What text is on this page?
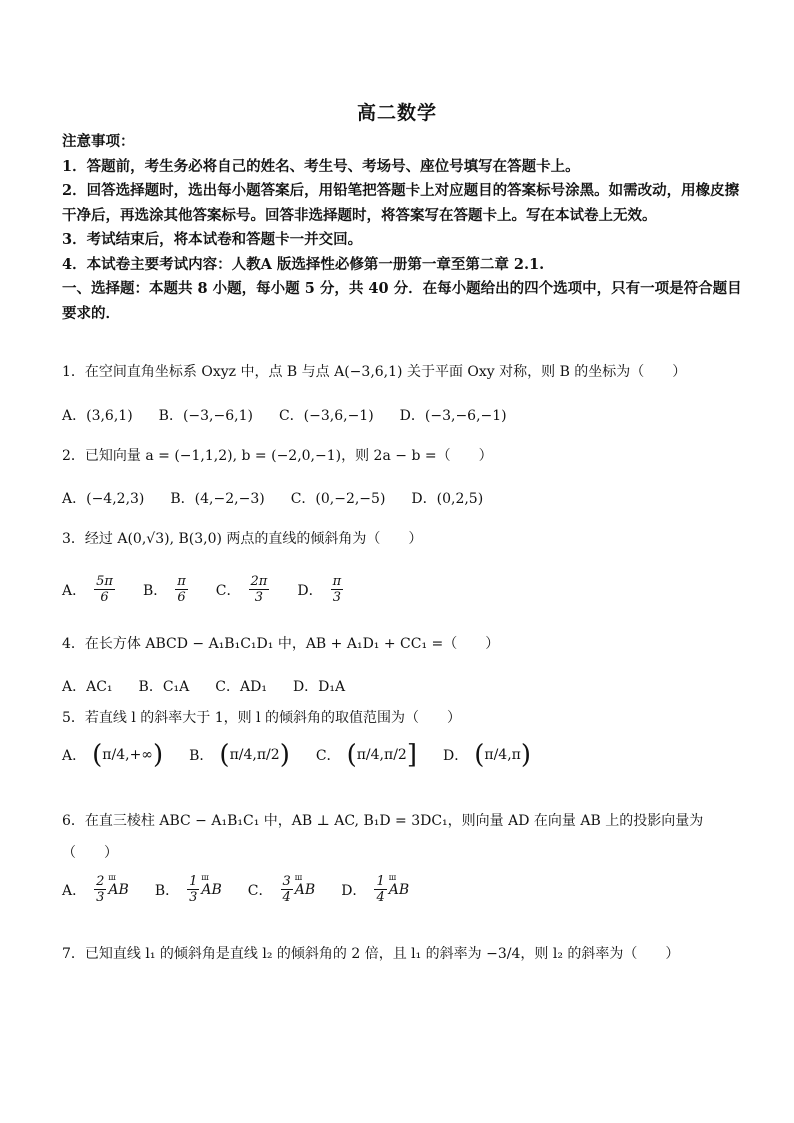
高二数学

注意事项：

1．答题前，考生务必将自己的姓名、考生号、考场号、座位号填写在答题卡上。

2．回答选择题时，选出每小题答案后，用铅笔把答题卡上对应题目的答案标号涂黑。如需改动，用橡皮擦干净后，再选涂其他答案标号。回答非选择题时，将答案写在答题卡上。写在本试卷上无效。

3．考试结束后，将本试卷和答题卡一并交回。

4．本试卷主要考试内容：人教A 版选择性必修第一册第一章至第二章 2.1.

一、选择题：本题共 8 小题，每小题 5 分，共 40 分．在每小题给出的四个选项中，只有一项是符合题目要求的．

1．在空间直角坐标系 Oxyz 中，点 B 与点 A(−3,6,1) 关于平面 Oxy 对称，则 B 的坐标为（　　）
A．(3,6,1) B．(−3,−6,1) C．(−3,6,−1) D．(−3,−6,−1)
2．已知向量 a = (−1,1,2), b = (−2,0,−1)，则 2a − b =（　　）
A．(−4,2,3) B．(4,−2,−3) C．(0,−2,−5) D．(0,2,5)
3．经过 A(0,√3), B(3,0) 两点的直线的倾斜角为（　　）
A． $\frac{5\pi}{6}$ B． $\frac{\pi}{6}$ C． $\frac{2\pi}{3}$ D． $\frac{\pi}{3}$
4．在长方体 ABCD − A₁B₁C₁D₁ 中，AB + A₁D₁ + CC₁ =（　　）
A．AC₁ B．C₁A C．AD₁ D．D₁A
5．若直线 l 的斜率大于 1，则 l 的倾斜角的取值范围为（　　）
A． ( π/4 , +∞ ) B． ( π/4 , π/2 ) C． ( π/4 , π/2 ] D． ( π/4 , π )
6．在直三棱柱 ABC − A₁B₁C₁ 中，AB ⊥ AC, B₁D = 3DC₁，则向量 AD 在向量 AB 上的投影向量为（　　）
A． $\frac{2}{3}$ ш AB B． $\frac{1}{3}$ ш AB C． $\frac{3}{4}$ ш AB D． $\frac{1}{4}$ ш AB
7．已知直线 l₁ 的倾斜角是直线 l₂ 的倾斜角的 2 倍，且 l₁ 的斜率为 −3/4，则 l₂ 的斜率为（　　）
